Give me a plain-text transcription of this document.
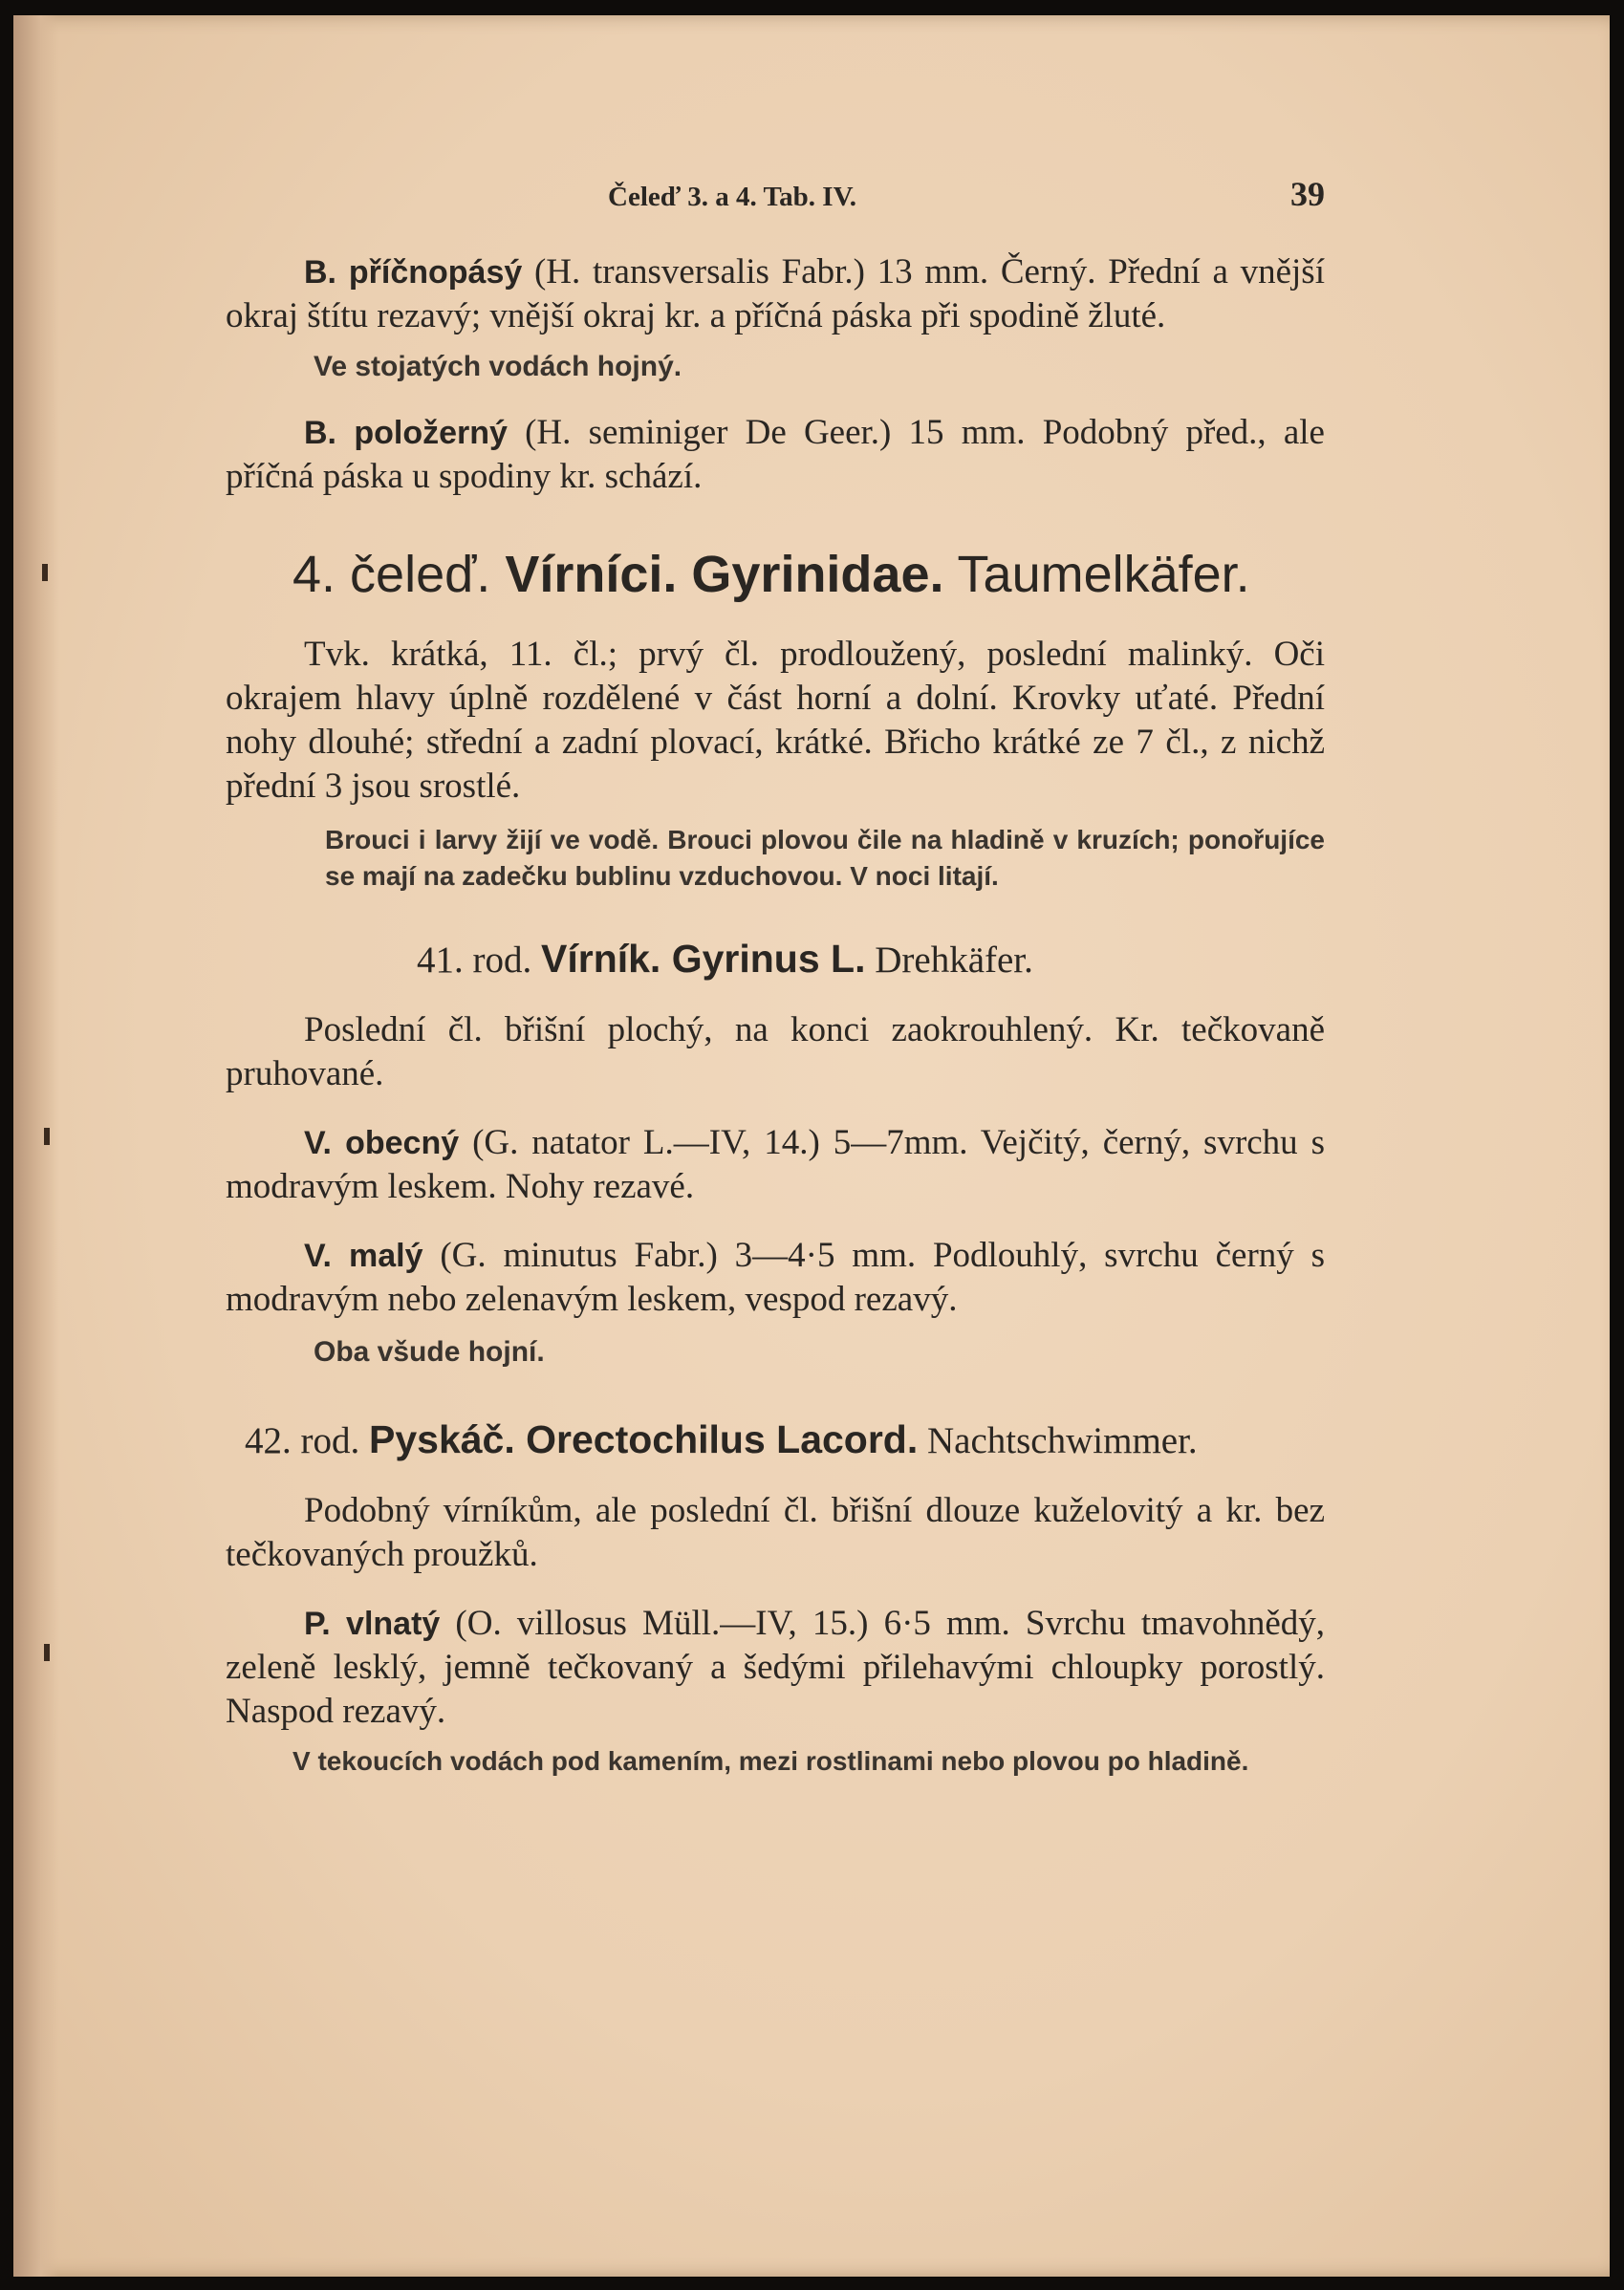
Čeleď 3. a 4. Tab. IV.	39

B. příčnopásý (H. transversalis Fabr.) 13 mm. Černý. Přední a vnější okraj štítu rezavý; vnější okraj kr. a příčná páska při spodině žluté.

Ve stojatých vodách hojný.

B. položerný (H. seminiger De Geer.) 15 mm. Podobný před., ale příčná páska u spodiny kr. schází.

4. čeleď. Vírníci. Gyrinidae. Taumelkäfer.

Tvk. krátká, 11. čl.; prvý čl. prodloužený, poslední malinký. Oči okrajem hlavy úplně rozdělené v část horní a dolní. Krovky uťaté. Přední nohy dlouhé; střední a zadní plovací, krátké. Břicho krátké ze 7 čl., z nichž přední 3 jsou srostlé.

Brouci i larvy žijí ve vodě. Brouci plovou čile na hladině v kruzích; ponořujíce se mají na zadečku bublinu vzduchovou. V noci litají.

41. rod. Vírník. Gyrinus L. Drehkäfer.

Poslední čl. břišní plochý, na konci zaokrouhlený. Kr. tečkovaně pruhované.

V. obecný (G. natator L.—IV, 14.) 5—7mm. Vejčitý, černý, svrchu s modravým leskem. Nohy rezavé.

V. malý (G. minutus Fabr.) 3—4·5 mm. Podlouhlý, svrchu černý s modravým nebo zelenavým leskem, vespod rezavý.

Oba všude hojní.

42. rod. Pyskáč. Orectochilus Lacord. Nachtschwimmer.

Podobný vírníkům, ale poslední čl. břišní dlouze kuželovitý a kr. bez tečkovaných proužků.

P. vlnatý (O. villosus Müll.—IV, 15.) 6·5 mm. Svrchu tmavohnědý, zeleně lesklý, jemně tečkovaný a šedými přilehavými chloupky porostlý. Naspod rezavý.

V tekoucích vodách pod kamením, mezi rostlinami nebo plovou po hladině.
